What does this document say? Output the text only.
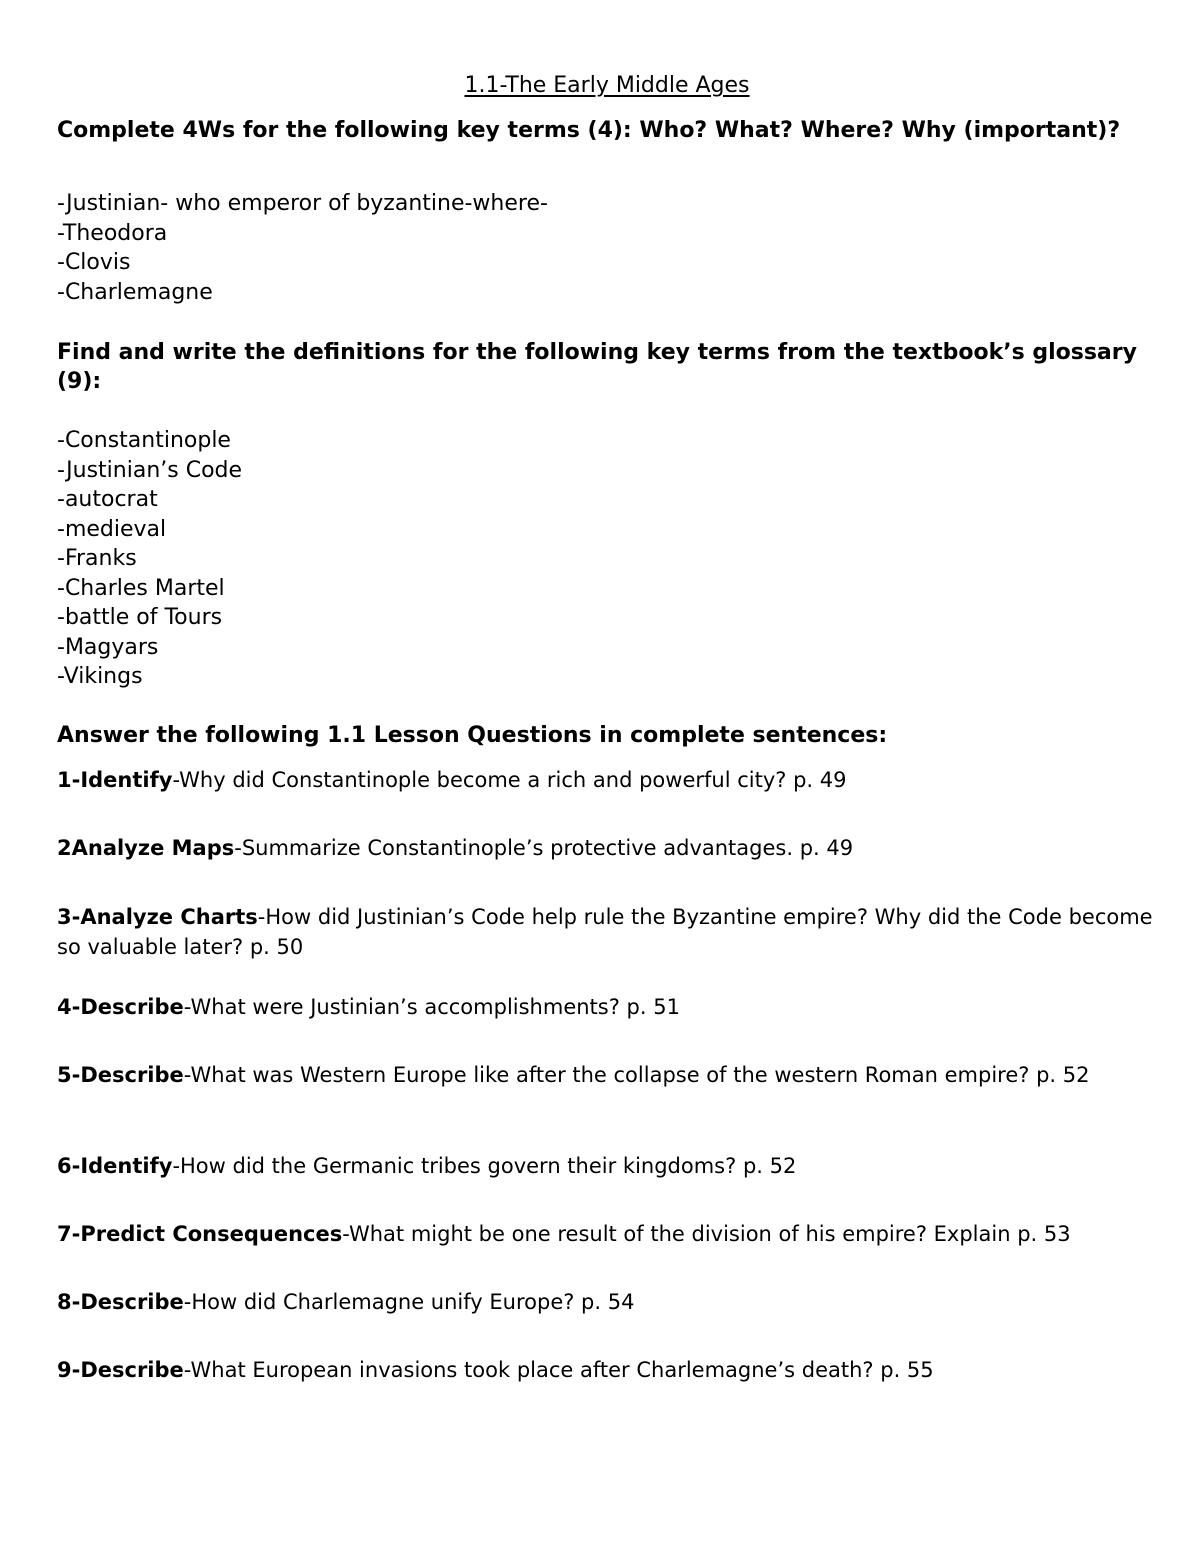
1.1-The Early Middle Ages

Complete 4Ws for the following key terms (4): Who? What? Where? Why (important)?

-Justinian- who emperor of byzantine-where-
-Theodora
-Clovis
-Charlemagne

Find and write the definitions for the following key terms from the textbook’s glossary (9):

-Constantinople
-Justinian’s Code
-autocrat
-medieval
-Franks
-Charles Martel
-battle of Tours
-Magyars
-Vikings

Answer the following 1.1 Lesson Questions in complete sentences:

1-Identify-Why did Constantinople become a rich and powerful city? p. 49

2Analyze Maps-Summarize Constantinople’s protective advantages. p. 49

3-Analyze Charts-How did Justinian’s Code help rule the Byzantine empire? Why did the Code become so valuable later? p. 50

4-Describe-What were Justinian’s accomplishments? p. 51

5-Describe-What was Western Europe like after the collapse of the western Roman empire? p. 52

6-Identify-How did the Germanic tribes govern their kingdoms? p. 52

7-Predict Consequences-What might be one result of the division of his empire? Explain p. 53

8-Describe-How did Charlemagne unify Europe? p. 54

9-Describe-What European invasions took place after Charlemagne’s death? p. 55
